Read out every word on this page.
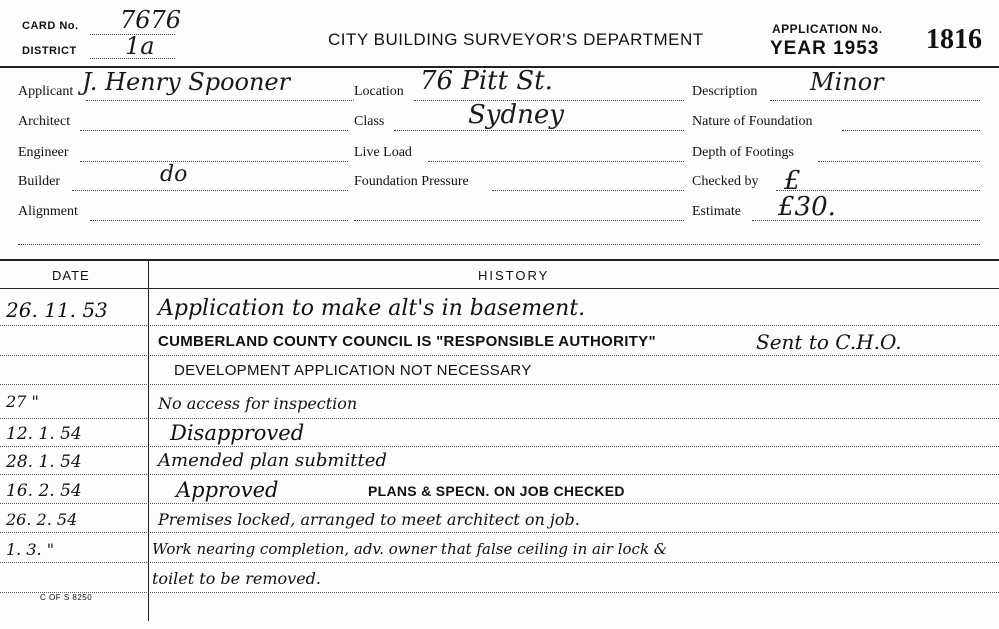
CARD No. 7676
DISTRICT 1a	CITY BUILDING SURVEYOR'S DEPARTMENT
APPLICATION No.
YEAR 1953 1816
Applicant J. Henry Spooner
Architect
Engineer
Builder	do
Alignment
Location 76 Pitt St.
Class	Sydney
Live Load
Foundation Pressure
Description Minor
Nature of Foundation
Depth of Footings
Checked by £
Estimate £30.
DATE	HISTORY
26. 11. 53 Application to make alt's in basement.
CUMBERLAND COUNTY COUNCIL IS "RESPONSIBLE AUTHORITY"	Sent to C.H.O.
DEVELOPMENT APPLICATION NOT NECESSARY
27 "	No access for inspection
12. 1. 54	Disapproved
28. 1. 54	Amended plan submitted
16. 2. 54	Approved	PLANS & SPECN. ON JOB CHECKED
26. 2. 54	Premises locked, arranged to meet architect on job.
1. 3. "	Work nearing completion, adv. owner that false ceiling in air lock &
toilet to be removed.
C OF S 8250
